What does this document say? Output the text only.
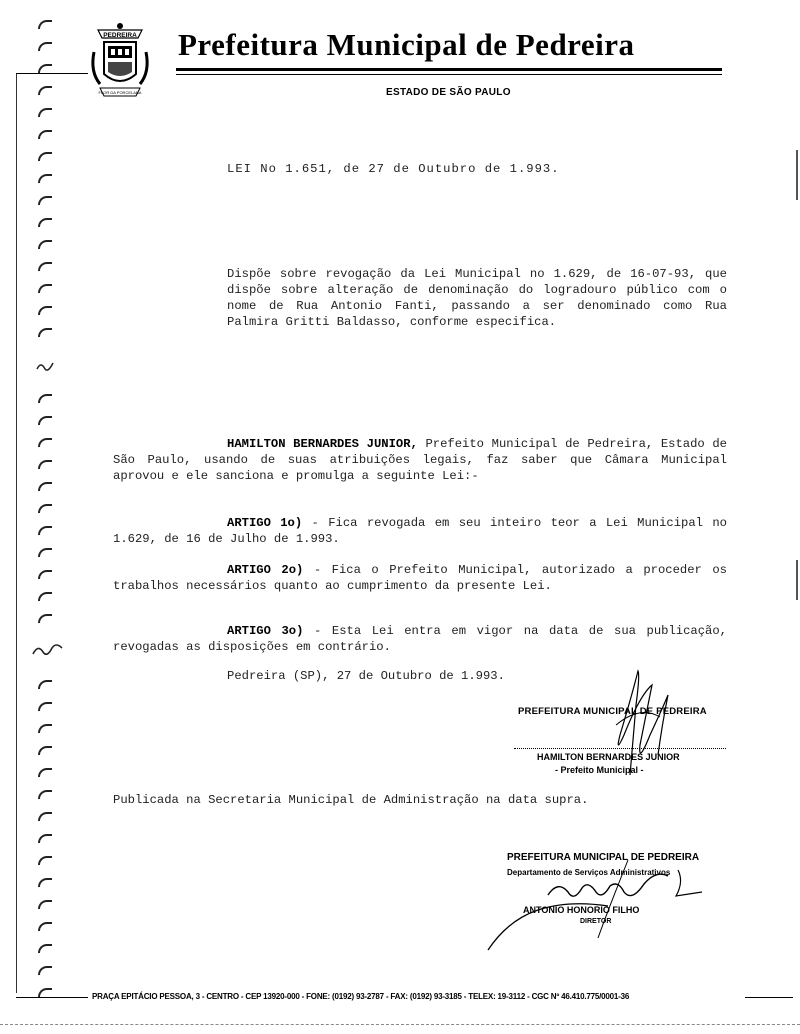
PEDREIRA
FLOR DA PORCELANA
Prefeitura Municipal de Pedreira
ESTADO DE SÃO PAULO
LEI No 1.651, de 27 de Outubro de 1.993.
Dispõe sobre revogação da Lei Municipal no 1.629, de 16-07-93, que dispõe sobre alteração de denominação do logradouro público com o nome de Rua Antonio Fanti, passando a ser denominado como Rua Palmira Gritti Baldasso, conforme especifica.
HAMILTON BERNARDES JUNIOR, Prefeito Municipal de Pedreira, Estado de São Paulo, usando de suas atribuições legais, faz saber que Câmara Municipal aprovou e ele sanciona e promulga a seguinte Lei:-
ARTIGO 1o) - Fica revogada em seu inteiro teor a Lei Municipal no 1.629, de 16 de Julho de 1.993.
ARTIGO 2o) - Fica o Prefeito Municipal, autorizado a proceder os trabalhos necessários quanto ao cumprimento da presente Lei.
ARTIGO 3o) - Esta Lei entra em vigor na data de sua publicação, revogadas as disposições em contrário.
Pedreira (SP), 27 de Outubro de 1.993.
PREFEITURA MUNICIPAL DE PEDREIRA
HAMILTON BERNARDES JUNIOR
- Prefeito Municipal -
Publicada na Secretaria Municipal de Administração na data supra.
PREFEITURA MUNICIPAL DE PEDREIRA
Departamento de Serviços Administrativos
ANTONIO HONORIO FILHO
DIRETOR
PRAÇA EPITÁCIO PESSOA, 3 - CENTRO - CEP 13920-000 - FONE: (0192) 93-2787 - FAX: (0192) 93-3185 - TELEX: 19-3112 - CGC Nº 46.410.775/0001-36
